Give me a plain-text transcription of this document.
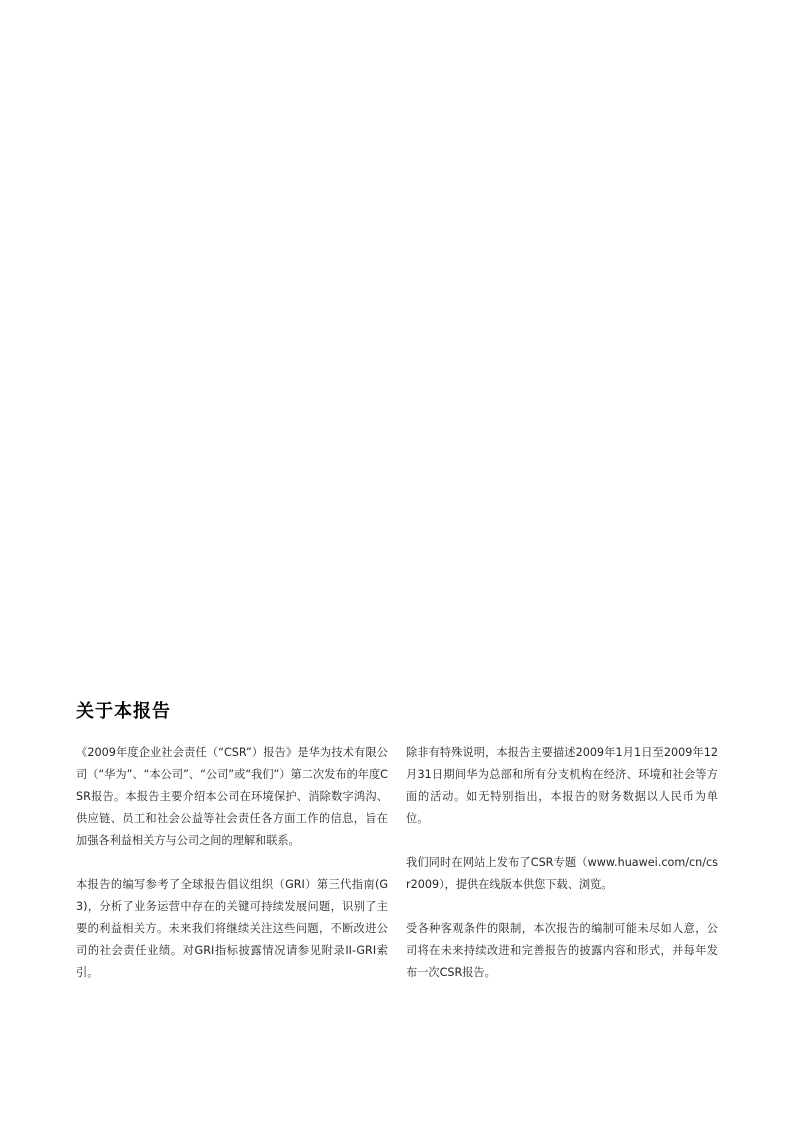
关于本报告

《2009年度企业社会责任（“CSR”）报告》是华为技术有限公司（“华为”、“本公司”、“公司”或“我们”）第二次发布的年度CSR报告。本报告主要介绍本公司在环境保护、消除数字鸿沟、供应链、员工和社会公益等社会责任各方面工作的信息，旨在加强各利益相关方与公司之间的理解和联系。

本报告的编写参考了全球报告倡议组织（GRI）第三代指南(G3)，分析了业务运营中存在的关键可持续发展问题，识别了主要的利益相关方。未来我们将继续关注这些问题，不断改进公司的社会责任业绩。对GRI指标披露情况请参见附录II-GRI索引。

除非有特殊说明，本报告主要描述2009年1月1日至2009年12月31日期间华为总部和所有分支机构在经济、环境和社会等方面的活动。如无特别指出，本报告的财务数据以人民币为单位。

我们同时在网站上发布了CSR专题（www.huawei.com/cn/csr2009），提供在线版本供您下载、浏览。

受各种客观条件的限制，本次报告的编制可能未尽如人意，公司将在未来持续改进和完善报告的披露内容和形式，并每年发布一次CSR报告。
